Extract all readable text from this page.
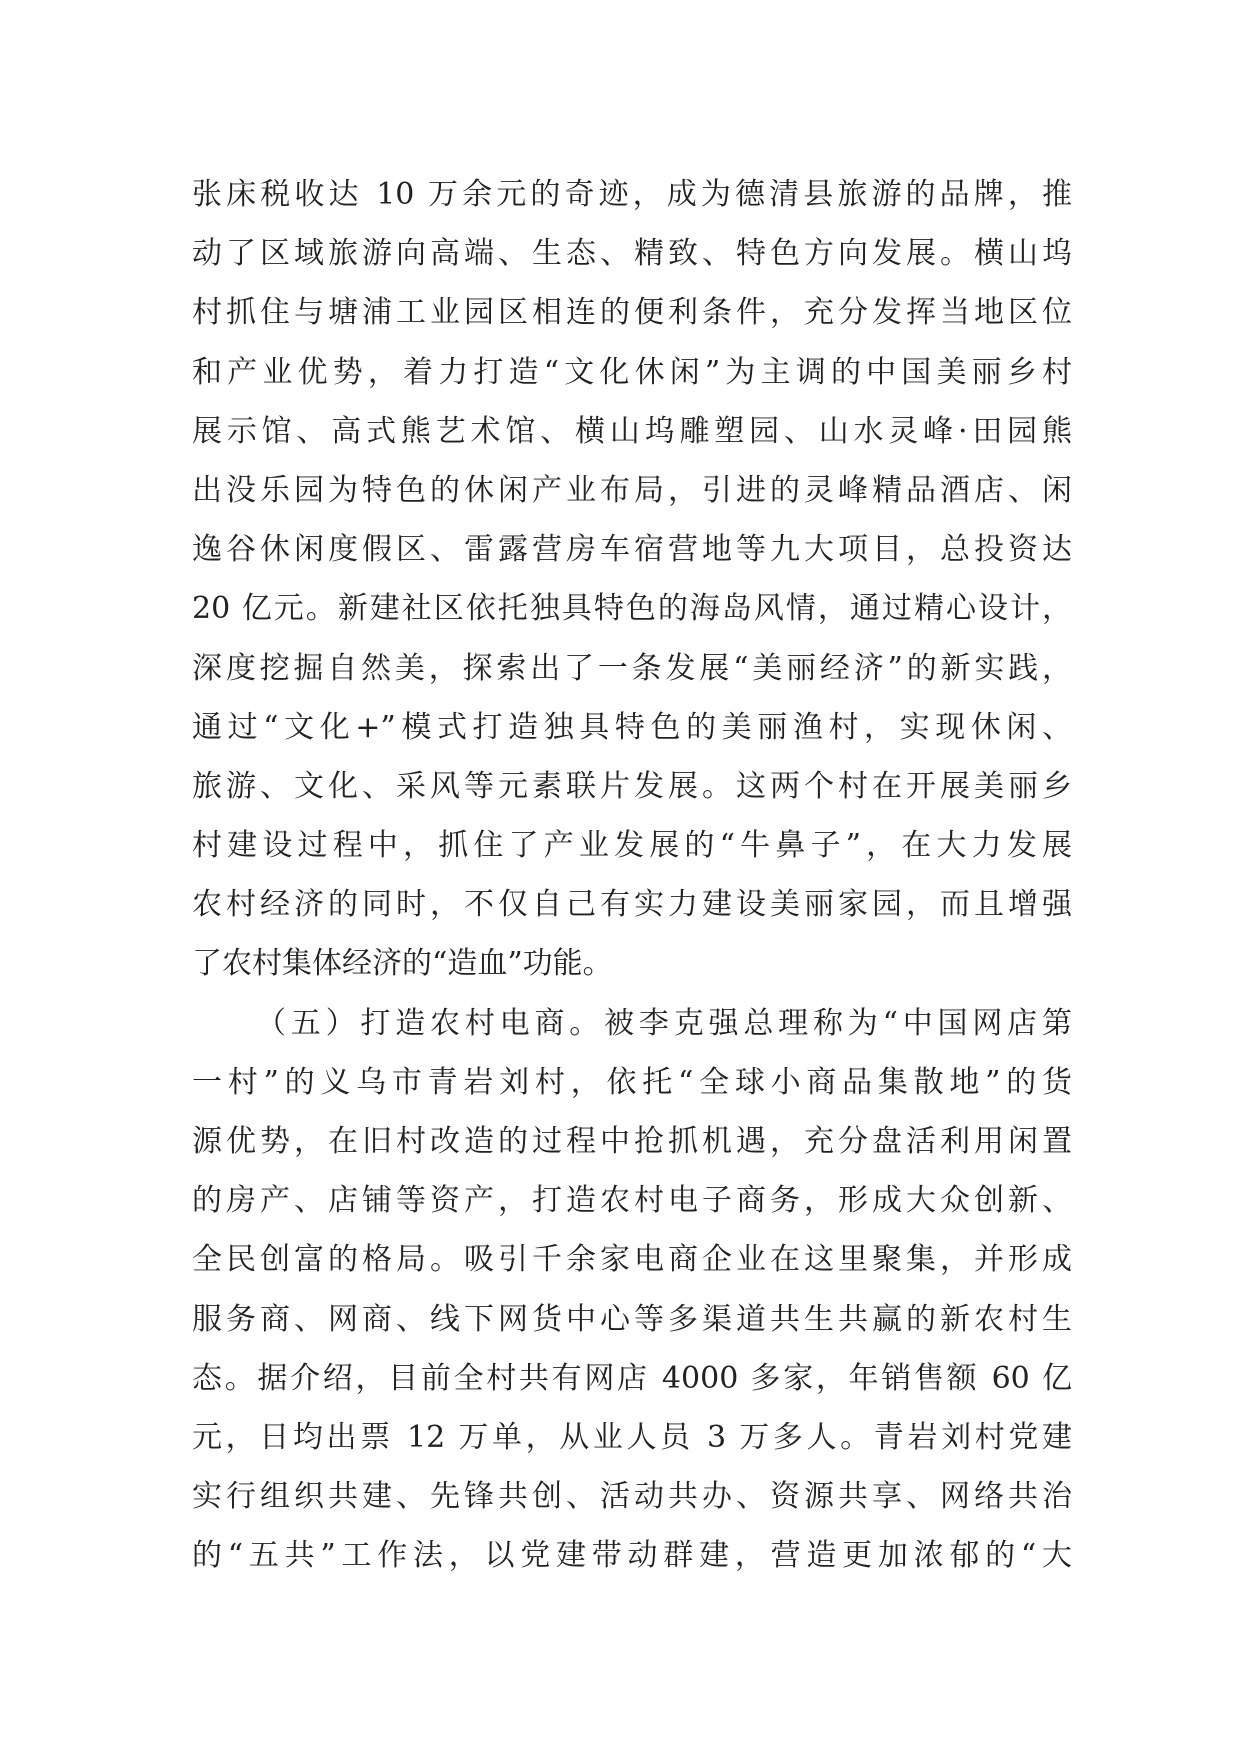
张床税收达 10 万余元的奇迹，成为德清县旅游的品牌，推
动了区域旅游向高端、生态、精致、特色方向发展。横山坞
村抓住与塘浦工业园区相连的便利条件，充分发挥当地区位
和产业优势，着力打造“文化休闲”为主调的中国美丽乡村
展示馆、高式熊艺术馆、横山坞雕塑园、山水灵峰·田园熊
出没乐园为特色的休闲产业布局，引进的灵峰精品酒店、闲
逸谷休闲度假区、雷露营房车宿营地等九大项目，总投资达
20 亿元。新建社区依托独具特色的海岛风情，通过精心设计，
深度挖掘自然美，探索出了一条发展“美丽经济”的新实践，
通过“文化+”模式打造独具特色的美丽渔村，实现休闲、
旅游、文化、采风等元素联片发展。这两个村在开展美丽乡
村建设过程中，抓住了产业发展的“牛鼻子”，在大力发展
农村经济的同时，不仅自己有实力建设美丽家园，而且增强
了农村集体经济的“造血”功能。
（五）打造农村电商。被李克强总理称为“中国网店第
一村”的义乌市青岩刘村，依托“全球小商品集散地”的货
源优势，在旧村改造的过程中抢抓机遇，充分盘活利用闲置
的房产、店铺等资产，打造农村电子商务，形成大众创新、
全民创富的格局。吸引千余家电商企业在这里聚集，并形成
服务商、网商、线下网货中心等多渠道共生共赢的新农村生
态。据介绍，目前全村共有网店 4000 多家，年销售额 60 亿
元，日均出票 12 万单，从业人员 3 万多人。青岩刘村党建
实行组织共建、先锋共创、活动共办、资源共享、网络共治
的“五共”工作法，以党建带动群建，营造更加浓郁的“大
